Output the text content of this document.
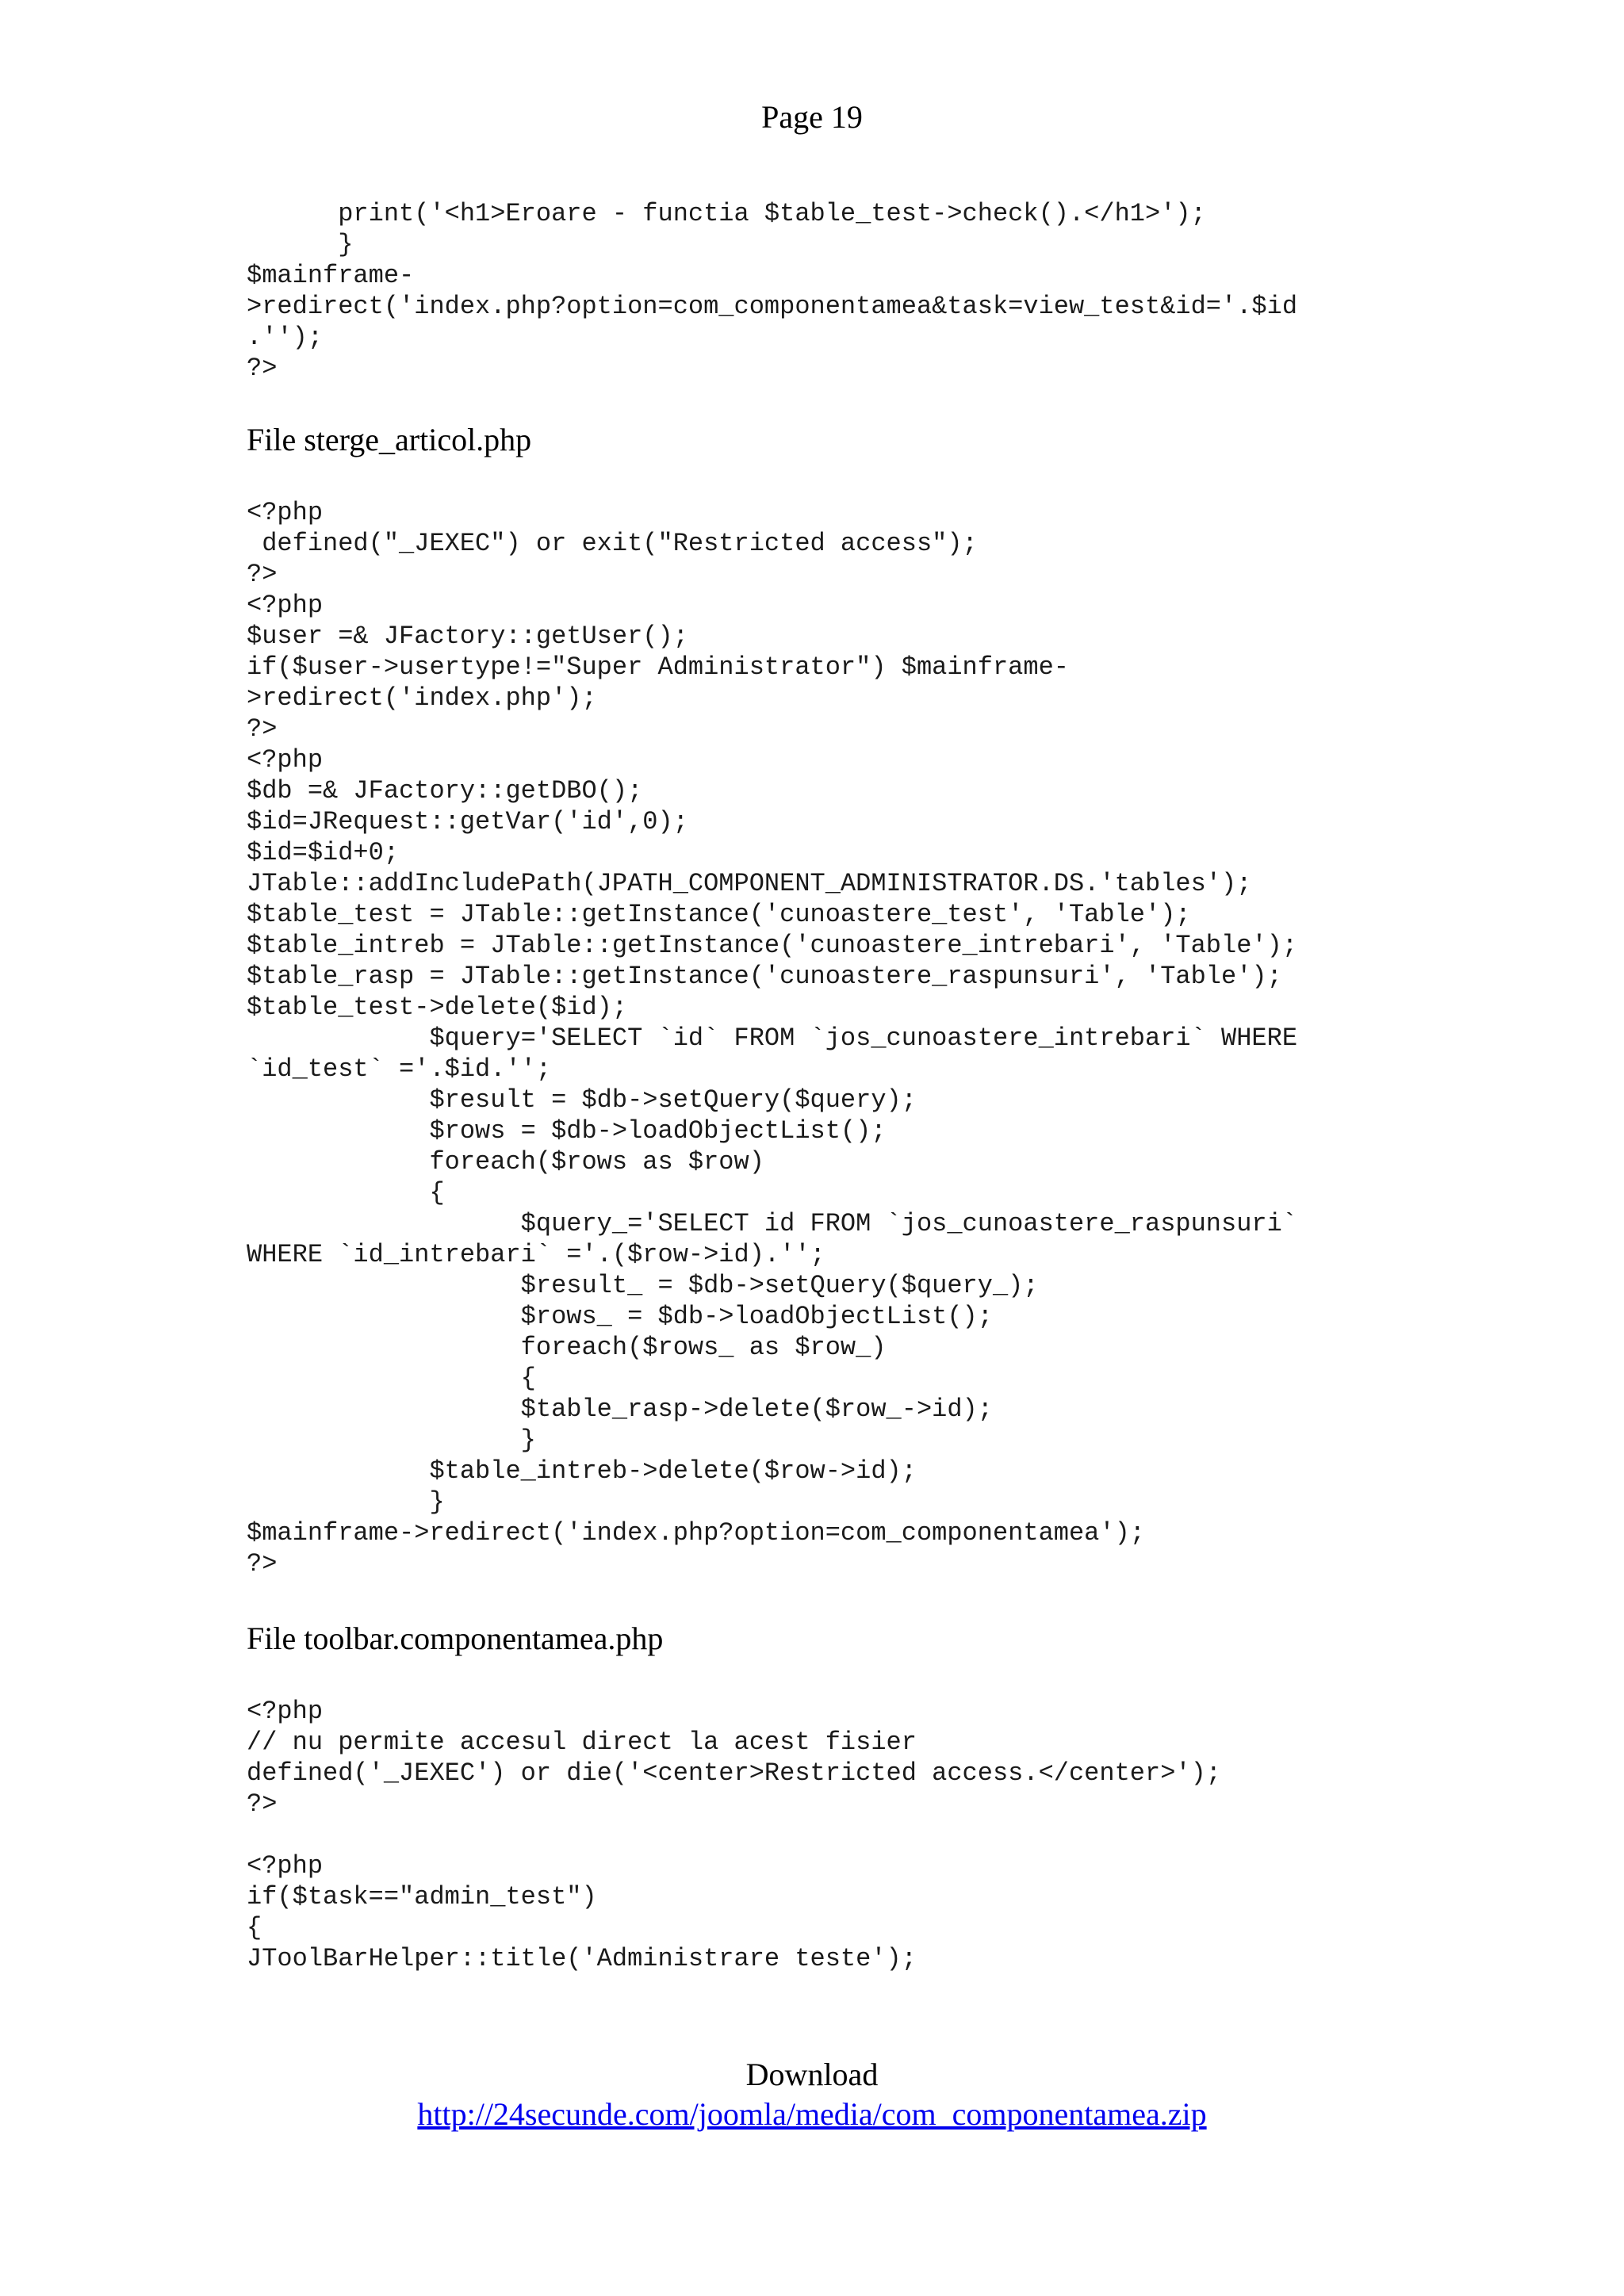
Page 19
print('<h1>Eroare - functia $table_test->check().</h1>');
}
$mainframe-
>redirect('index.php?option=com_componentamea&task=view_test&id='.$id
.'');
?>
File sterge_articol.php
<?php
defined("_JEXEC") or exit("Restricted access");
?>
<?php
$user =& JFactory::getUser();
if($user->usertype!="Super Administrator") $mainframe-
>redirect('index.php');
?>
<?php
$db =& JFactory::getDBO();
$id=JRequest::getVar('id',0);
$id=$id+0;
JTable::addIncludePath(JPATH_COMPONENT_ADMINISTRATOR.DS.'tables');
$table_test = JTable::getInstance('cunoastere_test', 'Table');
$table_intreb = JTable::getInstance('cunoastere_intrebari', 'Table');
$table_rasp = JTable::getInstance('cunoastere_raspunsuri', 'Table');
$table_test->delete($id);
$query='SELECT `id` FROM `jos_cunoastere_intrebari` WHERE
`id_test` ='.$id.'';
$result = $db->setQuery($query);
$rows = $db->loadObjectList();
foreach($rows as $row)
{
$query_='SELECT id FROM `jos_cunoastere_raspunsuri`
WHERE `id_intrebari` ='.($row->id).'';
$result_ = $db->setQuery($query_);
$rows_ = $db->loadObjectList();
foreach($rows_ as $row_)
{
$table_rasp->delete($row_->id);
}
$table_intreb->delete($row->id);
}
$mainframe->redirect('index.php?option=com_componentamea');
?>
File toolbar.componentamea.php
<?php
// nu permite accesul direct la acest fisier
defined('_JEXEC') or die('<center>Restricted access.</center>');
?>

<?php
if($task=="admin_test")
{
JToolBarHelper::title('Administrare teste');
Download
http://24secunde.com/joomla/media/com_componentamea.zip
